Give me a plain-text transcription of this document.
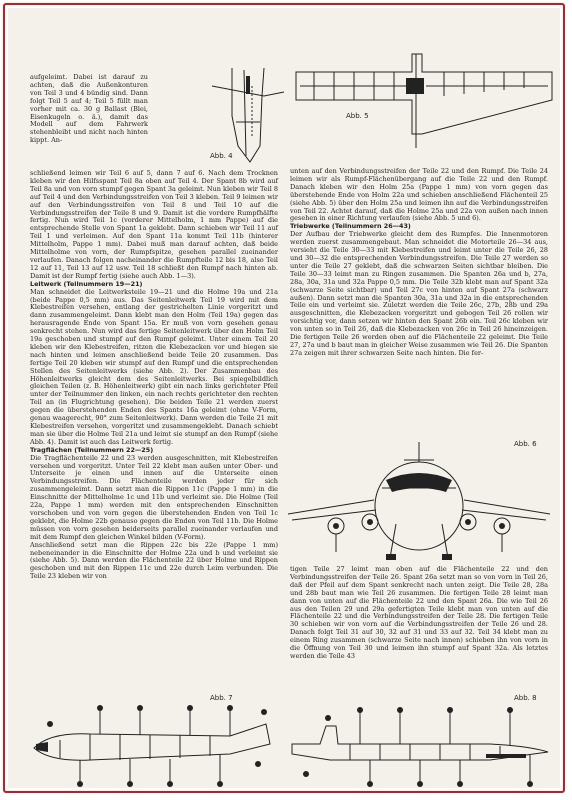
Abb. 4
Abb. 5

aufgeleimt. Dabei ist darauf zu achten, daß die Außenkonturen von Teil 3 und 4 bündig sind. Dann folgt Teil 5 auf 4; Teil 5 füllt man vorher mit ca. 30 g Ballast (Blei, Eisenkugeln o. ä.), damit das Modell auf dem Fahrwerk stehenbleibt und nicht nach hinten kippt. An-

schließend leimen wir Teil 6 auf 5, dann 7 auf 6. Nach dem Trocknen kleben wir den Hilfsspant Teil 8a oben auf Teil 4. Der Spant 8b wird auf Teil 8a und von vorn stumpf gegen Spant 3a geleimt. Nun kleben wir Teil 8 auf Teil 4 und den Verbindungsstreifen von Teil 3 kleben. Teil 9 leimen wir auf den Verbindungsstreifen von Teil 8 und Teil 10 auf die Verbindungsstreifen der Teile 8 und 9. Damit ist die vordere Rumpfhälfte fertig. Nun wird Teil 1c (vorderer Mittelholm, 1 mm Pappe) auf die entsprechende Stelle von Spant 1a geklebt. Dann schieben wir Teil 11 auf Teil 1 und verleimen. Auf den Spant 11a kommt Teil 11b (hinterer Mittelholm, Pappe 1 mm). Dabei muß man darauf achten, daß beide Mittelholme von vorn, der Rumpfspitze, gesehen parallel zueinander verlaufen. Danach folgen nacheinander die Rumpfteile 12 bis 18, also Teil 12 auf 11, Teil 13 auf 12 usw. Teil 18 schließt den Rumpf nach hinten ab. Damit ist der Rumpf fertig (siehe auch Abb. 1—3).

Leitwerk (Teilnummern 19—21)

Man schneidet die Leitwerksteile 19—21 und die Holme 19a und 21a (beide Pappe 0,5 mm) aus. Das Seitenleitwerk Teil 19 wird mit dem Klebestreifen versehen, entlang der gestrichelten Linie vorgeritzt und dann zusammengeleimt. Dann klebt man den Holm (Teil 19a) gegen das herausragende Ende von Spant 15a. Er muß von vorn gesehen genau senkrecht stehen. Nun wird das fertige Seitenleitwerk über den Holm Teil 19a geschoben und stumpf auf den Rumpf geleimt. Unter einem Teil 20 kleben wir den Klebestreifen, ritzen die Klebezacken vor und biegen sie nach hinten und leimen anschließend beide Teile 20 zusammen. Das fertige Teil 20 kleben wir stumpf auf den Rumpf und die entsprechenden Stellen des Seitenleitwerks (siehe Abb. 2). Der Zusammenbau des Höhenleitwerks gleicht dem des Seitenleitwerks. Bei spiegelbildlich gleichen Teilen (z. B. Höhenleitwerk) gibt ein nach links gerichteter Pfeil unter der Teilnummer den linken, ein nach rechts gerichteter den rechten Teil an (in Flugrichtung gesehen). Die beiden Teile 21 werden zuerst gegen die überstehenden Enden des Spants 16a geleimt (ohne V-Form, genau waagerecht, 90° zum Seitenleitwerk). Dann werden die Teile 21 mit Klebestreifen versehen, vorgeritzt und zusammengeklebt. Danach schiebt man sie über die Holme Teil 21a und leimt sie stumpf an den Rumpf (siehe Abb. 4). Damit ist auch das Leitwerk fertig.

Tragflächen (Teilnummern 22—25)

Die Tragflächenteile 22 und 23 werden ausgeschnitten, mit Klebestreifen versehen und vorgeritzt. Unter Teil 22 klebt man außen unter Ober- und Unterseite je einen und innen auf die Unterseite einen Verbindungsstreifen. Die Flächenteile werden jeder für sich zusammengeleimt. Dann setzt man die Rippen 11c (Pappe 1 mm) in die Einschnitte der Mittelholme 1c und 11b und verleimt sie. Die Holme (Teil 22a, Pappe 1 mm) werden mit den entsprechenden Einschnitten vorschoben und von vorn gegen die überstehenden Enden von Teil 1c geklebt, die Holme 22b genauso gegen die Enden von Teil 11b. Die Holme müssen von vorn gesehen beiderseits parallel zueinander verlaufen und mit dem Rumpf den gleichen Winkel bilden (V-Form).

Anschließend setzt man die Rippen 22c bis 22e (Pappe 1 mm) nebeneinander in die Einschnitte der Holme 22a und b und verleimt sie (siehe Abb. 5). Dann werden die Flächenteile 22 über Holme und Rippen geschoben und mit den Rippen 11c und 22e durch Leim verbunden. Die Teile 23 kleben wir von

unten auf den Verbindungsstreifen der Teile 22 und den Rumpf. Die Teile 24 leimen wir als Rumpf-Flächenübergang auf die Teile 22 und den Rumpf. Danach kleben wir den Holm 25a (Pappe 1 mm) von vorn gegen das überstehende Ende von Holm 22a und schieben anschließend Flächenteil 25 (siehe Abb. 5) über den Holm 25a und leimen ihn auf die Verbindungsstreifen von Teil 22. Achtet darauf, daß die Holme 25a und 22a von außen nach innen gesehen in einer Richtung verlaufen (siehe Abb. 5 und 6).

Triebwerke (Teilnummern 26—43)

Der Aufbau der Triebwerke gleicht dem des Rumpfes. Die Innenmotoren werden zuerst zusammengebaut. Man schneidet die Motorteile 26—34 aus, versieht die Teile 30—33 mit Klebestreifen und leimt unter die Teile 26, 28 und 30—32 die entsprechenden Verbindungsstreifen. Die Teile 27 werden so unter die Teile 27 geklebt, daß die schwarzen Seiten sichtbar bleiben. Die Teile 30—33 leimt man zu Ringen zusammen. Die Spanten 26a und b, 27a, 28a, 30a, 31a und 32a Pappe 0,5 mm. Die Teile 32b klebt man auf Spant 32a (schwarze Seite sichtbar) und Teil 27c von hinten auf Spant 27a (schwarz außen). Dann setzt man die Spanten 30a, 31a und 32a in die entsprechenden Teile ein und verleimt sie. Zuletzt werden die Teile 26c, 27b, 28b und 29a ausgeschnitten, die Klebezacken vorgeritzt und gebogen Teil 26 rollen wir vorsichtig vor, dann setzen wir hinten den Spant 26b ein. Teil 26c kleben wir von unten so in Teil 26, daß die Klebezacken von 26c in Teil 26 hineinzeigen. Die fertigen Teile 26 werden oben auf die Flächenteile 22 geleimt. Die Teile 27, 27a und b baut man in gleicher Weise zusammen wie Teil 26. Die Spanten 27a zeigen mit ihrer schwarzen Seite nach hinten. Die fer-

Abb. 6

tigen Teile 27 leimt man oben auf die Flächenteile 22 und den Verbindungsstreifen der Teile 26. Spant 26a setzt man so von vorn in Teil 26, daß der Pfeil auf dem Spant senkrecht nach unten zeigt. Die Teile 28, 28a und 28b baut man wie Teil 26 zusammen. Die fertigen Teile 28 leimt man dann von unten auf die Flächenteile 22 und den Spant 26a. Die wie Teil 26 aus den Teilen 29 und 29a gefertigten Teile klebt man von unten auf die Flächenteile 22 und die Verbindungsstreifen der Teile 28. Die fertigen Teile 30 schieben wir von vorn auf die Verbindungsstreifen der Teile 26 und 28. Danach folgt Teil 31 auf 30, 32 auf 31 und 33 auf 32. Teil 34 klebt man zu einem Ring zusammen (schwarze Seite nach innen) schieben ihn von vorn in die Öffnung von Teil 30 und leimen ihn stumpf auf Spant 32a. Als letztes werden die Teile 43

Abb. 7	Abb. 8
